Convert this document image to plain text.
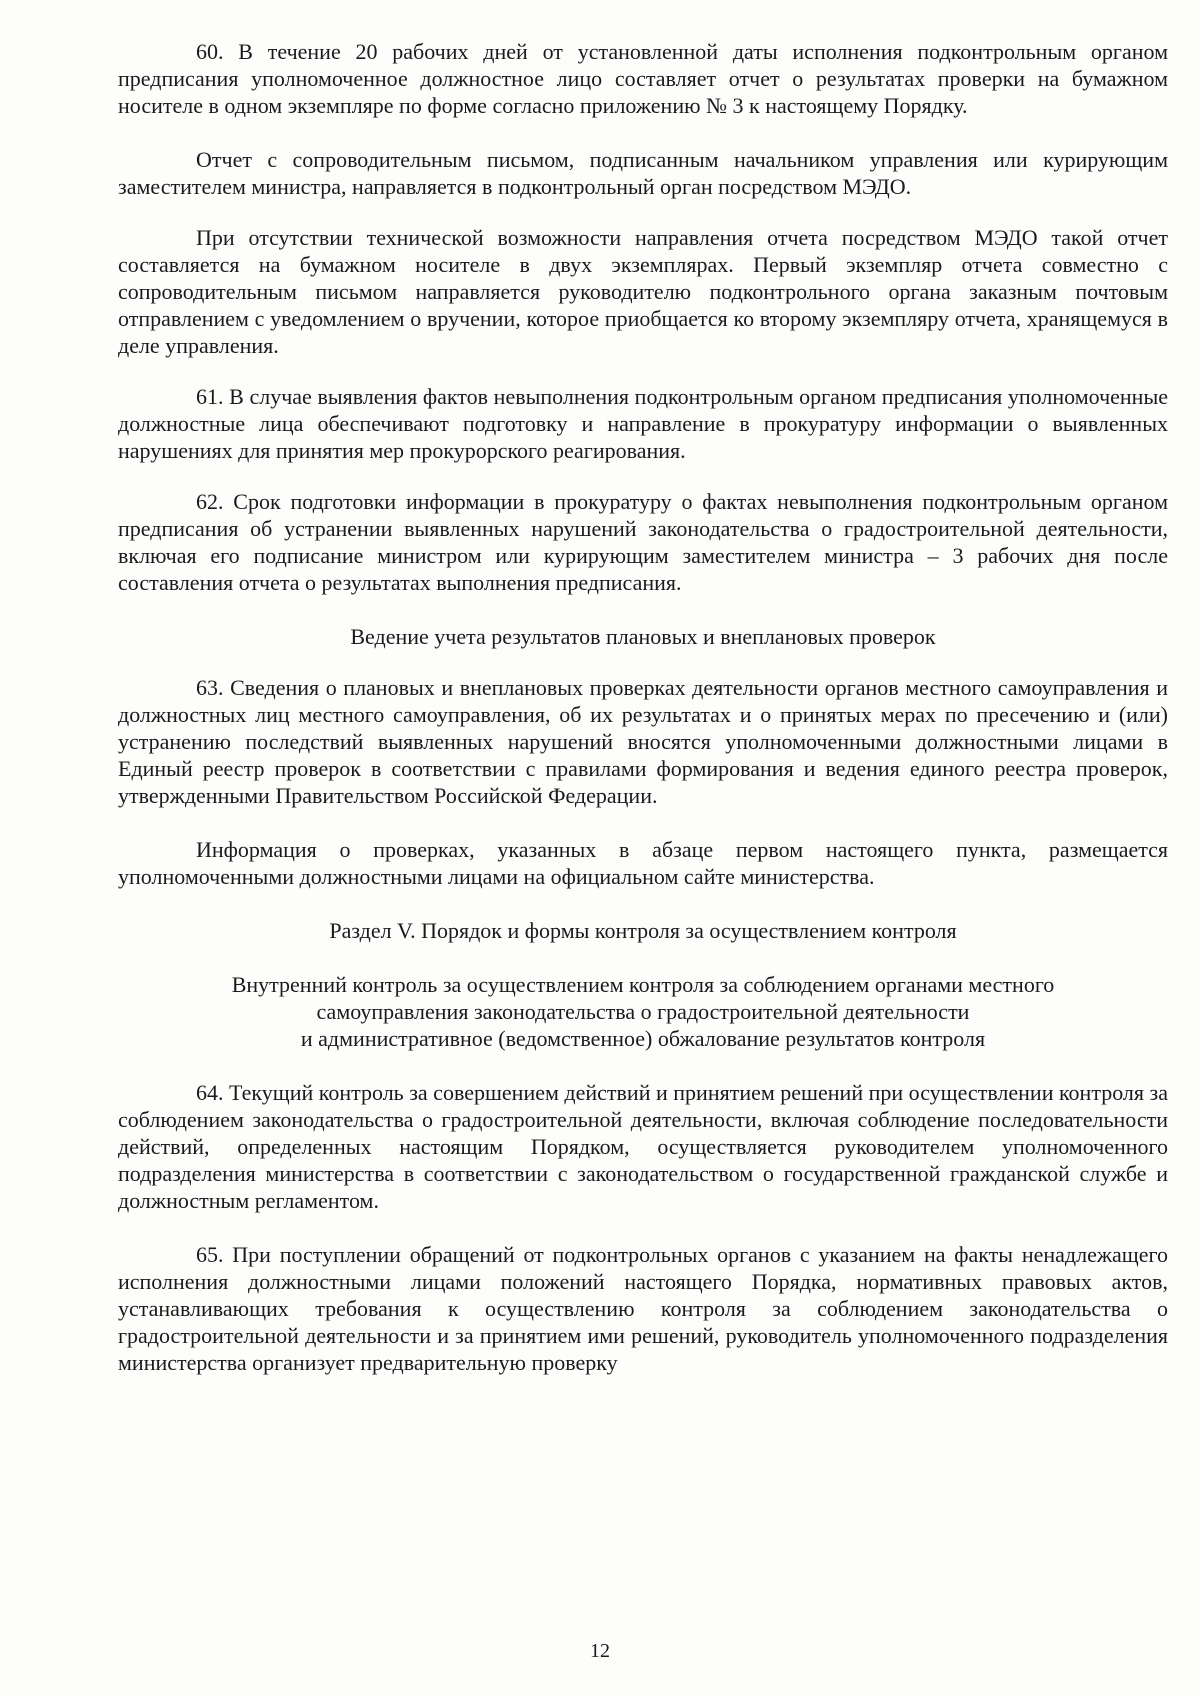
60. В течение 20 рабочих дней от установленной даты исполнения подконтрольным органом предписания уполномоченное должностное лицо составляет отчет о результатах проверки на бумажном носителе в одном экземпляре по форме согласно приложению № 3 к настоящему Порядку.

Отчет с сопроводительным письмом, подписанным начальником управления или курирующим заместителем министра, направляется в подконтрольный орган посредством МЭДО.

При отсутствии технической возможности направления отчета посредством МЭДО такой отчет составляется на бумажном носителе в двух экземплярах. Первый экземпляр отчета совместно с сопроводительным письмом направляется руководителю подконтрольного органа заказным почтовым отправлением с уведомлением о вручении, которое приобщается ко второму экземпляру отчета, хранящемуся в деле управления.

61. В случае выявления фактов невыполнения подконтрольным органом предписания уполномоченные должностные лица обеспечивают подготовку и направление в прокуратуру информации о выявленных нарушениях для принятия мер прокурорского реагирования.

62. Срок подготовки информации в прокуратуру о фактах невыполнения подконтрольным органом предписания об устранении выявленных нарушений законодательства о градостроительной деятельности, включая его подписание министром или курирующим заместителем министра – 3 рабочих дня после составления отчета о результатах выполнения предписания.

Ведение учета результатов плановых и внеплановых проверок

63. Сведения о плановых и внеплановых проверках деятельности органов местного самоуправления и должностных лиц местного самоуправления, об их результатах и о принятых мерах по пресечению и (или) устранению последствий выявленных нарушений вносятся уполномоченными должностными лицами в Единый реестр проверок в соответствии с правилами формирования и ведения единого реестра проверок, утвержденными Правительством Российской Федерации.

Информация о проверках, указанных в абзаце первом настоящего пункта, размещается уполномоченными должностными лицами на официальном сайте министерства.

Раздел V. Порядок и формы контроля за осуществлением контроля
Внутренний контроль за осуществлением контроля за соблюдением органами местного
самоуправления законодательства о градостроительной деятельности
и административное (ведомственное) обжалование результатов контроля

64. Текущий контроль за совершением действий и принятием решений при осуществлении контроля за соблюдением законодательства о градостроительной деятельности, включая соблюдение последовательности действий, определенных настоящим Порядком, осуществляется руководителем уполномоченного подразделения министерства в соответствии с законодательством о государственной гражданской службе и должностным регламентом.

65. При поступлении обращений от подконтрольных органов с указанием на факты ненадлежащего исполнения должностными лицами положений настоящего Порядка, нормативных правовых актов, устанавливающих требования к осуществлению контроля за соблюдением законодательства о градостроительной деятельности и за принятием ими решений, руководитель уполномоченного подразделения министерства организует предварительную проверку

12
